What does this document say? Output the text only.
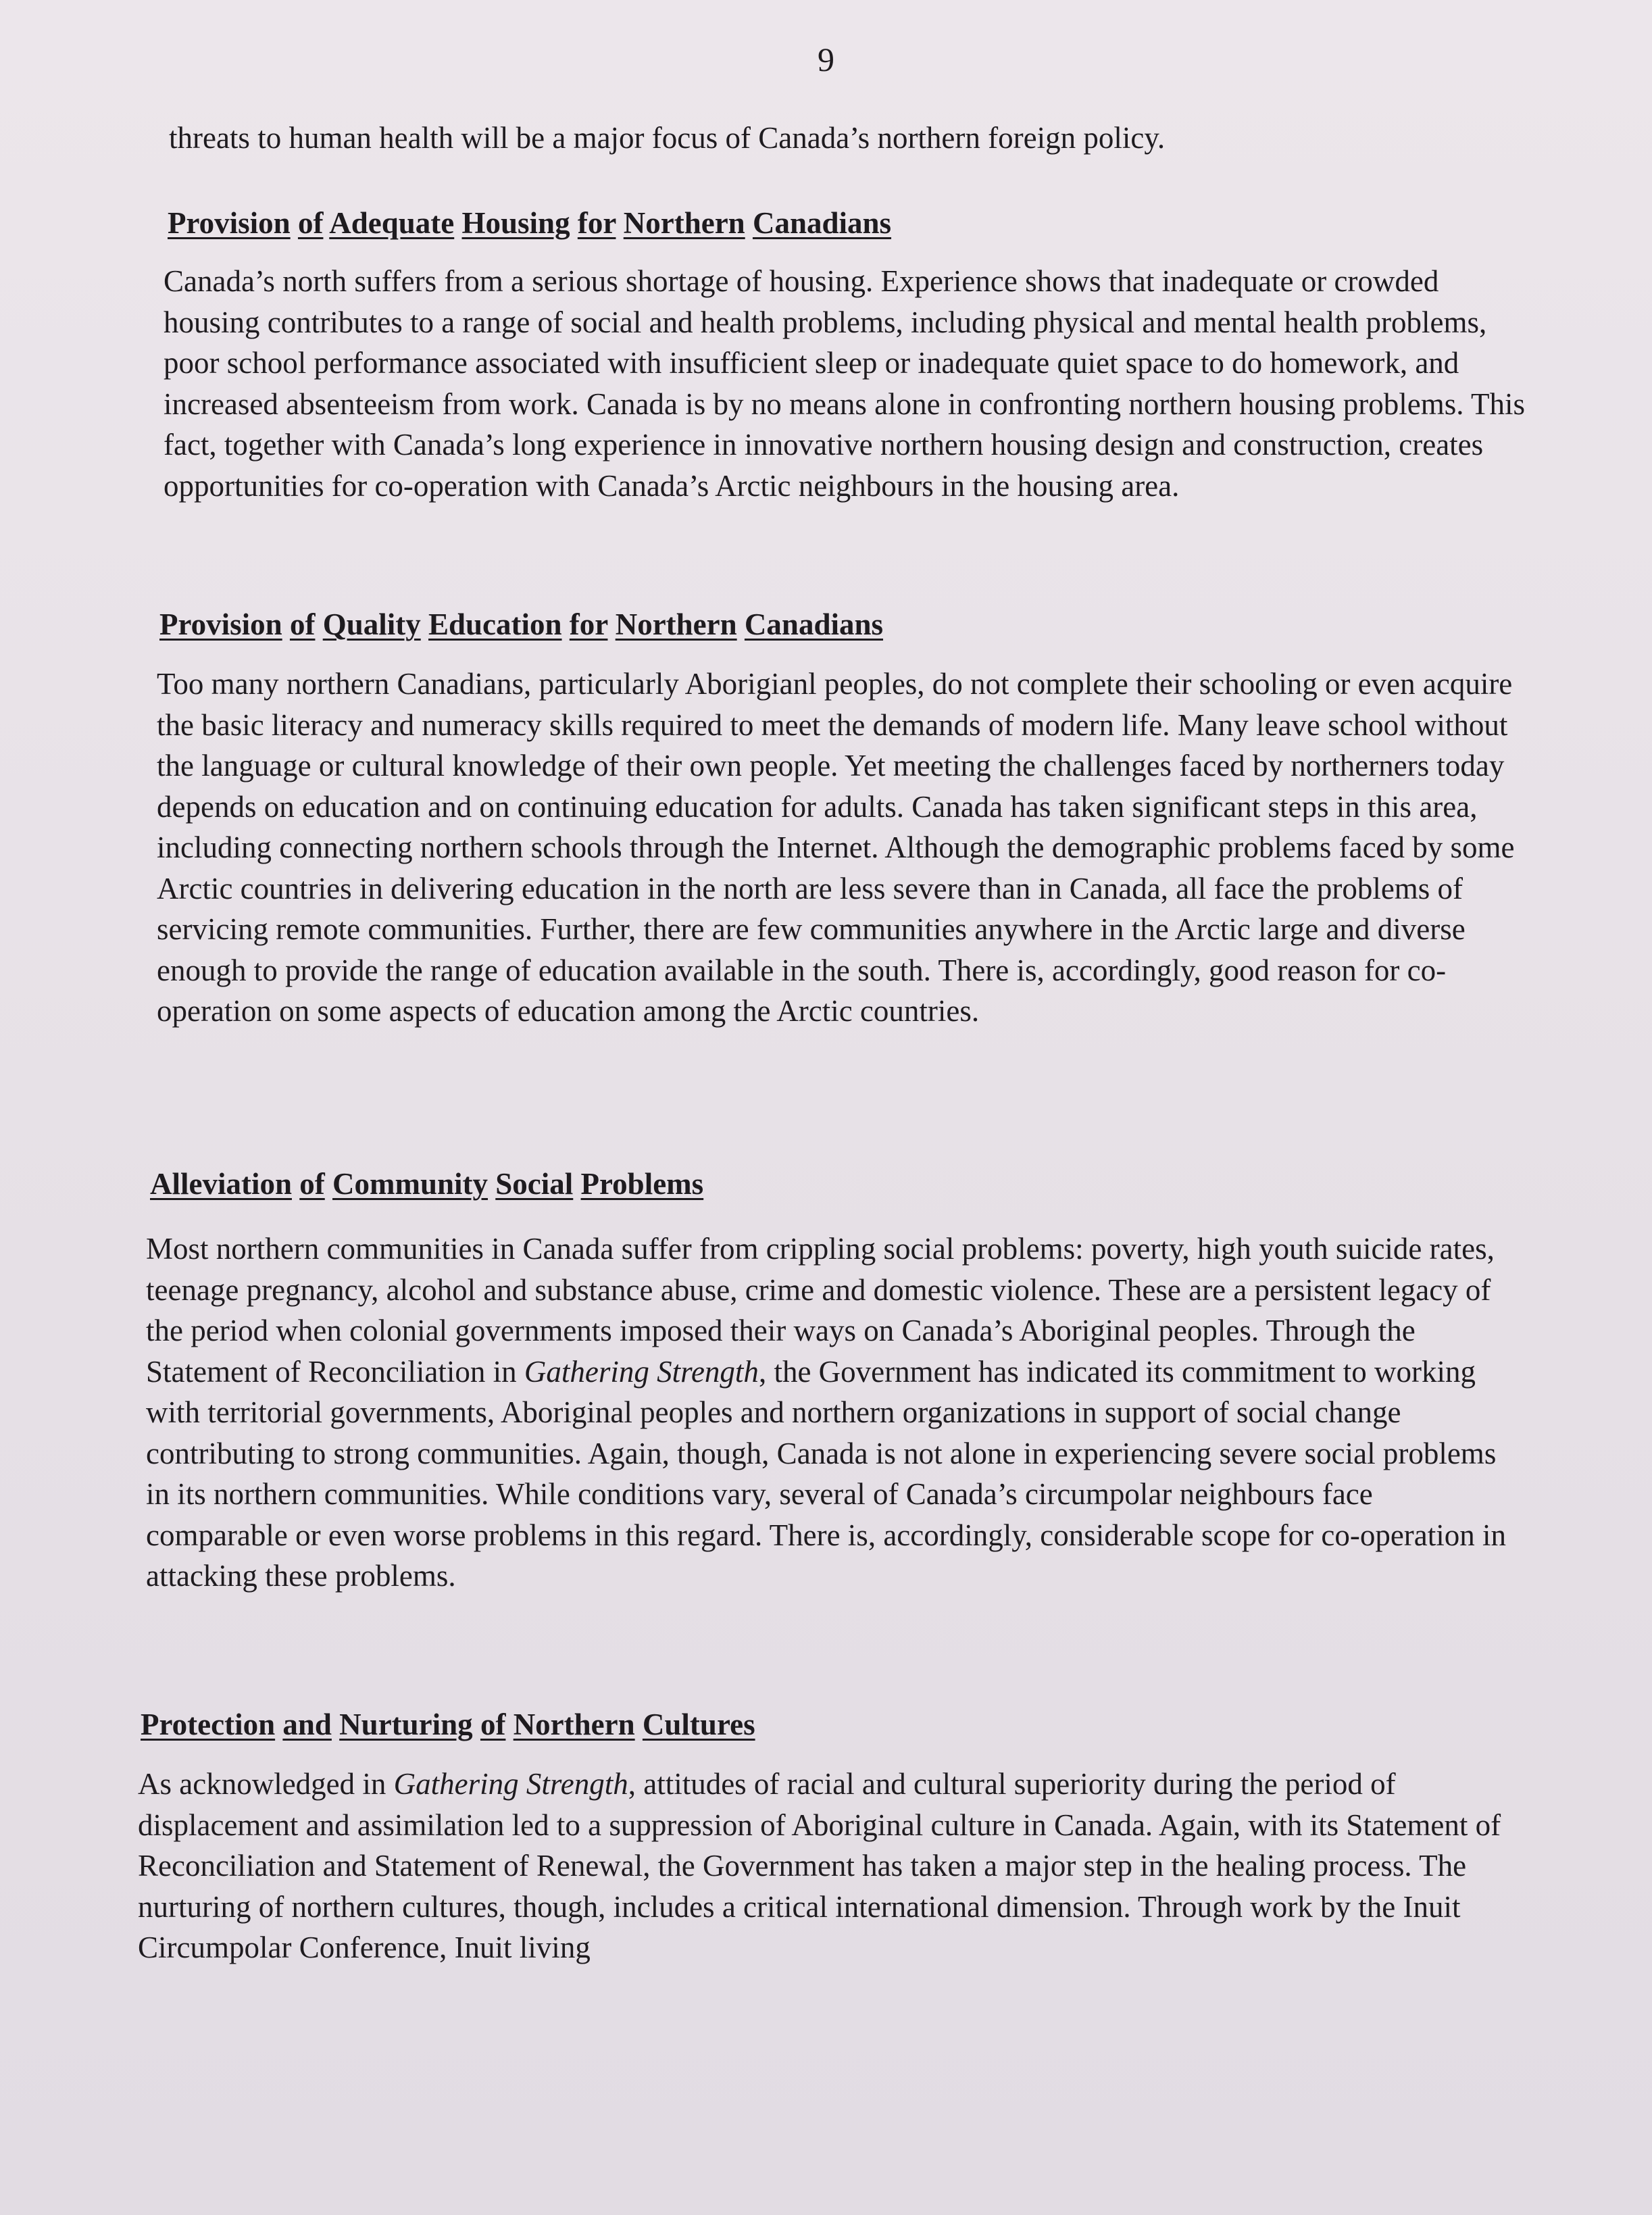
9

threats to human health will be a major focus of Canada’s northern foreign policy.

Provision of Adequate Housing for Northern Canadians

Canada’s north suffers from a serious shortage of housing. Experience shows that inadequate or crowded housing contributes to a range of social and health problems, including physical and mental health problems, poor school performance associated with insufficient sleep or inadequate quiet space to do homework, and increased absenteeism from work. Canada is by no means alone in confronting northern housing problems. This fact, together with Canada’s long experience in innovative northern housing design and construction, creates opportunities for co-operation with Canada’s Arctic neighbours in the housing area.

Provision of Quality Education for Northern Canadians

Too many northern Canadians, particularly Aborigianl peoples, do not complete their schooling or even acquire the basic literacy and numeracy skills required to meet the demands of modern life. Many leave school without the language or cultural knowledge of their own people. Yet meeting the challenges faced by northerners today depends on education and on continuing education for adults. Canada has taken significant steps in this area, including connecting northern schools through the Internet. Although the demographic problems faced by some Arctic countries in delivering education in the north are less severe than in Canada, all face the problems of servicing remote communities. Further, there are few communities anywhere in the Arctic large and diverse enough to provide the range of education available in the south. There is, accordingly, good reason for co-operation on some aspects of education among the Arctic countries.

Alleviation of Community Social Problems

Most northern communities in Canada suffer from crippling social problems: poverty, high youth suicide rates, teenage pregnancy, alcohol and substance abuse, crime and domestic violence. These are a persistent legacy of the period when colonial governments imposed their ways on Canada’s Aboriginal peoples. Through the Statement of Reconciliation in Gathering Strength, the Government has indicated its commitment to working with territorial governments, Aboriginal peoples and northern organizations in support of social change contributing to strong communities. Again, though, Canada is not alone in experiencing severe social problems in its northern communities. While conditions vary, several of Canada’s circumpolar neighbours face comparable or even worse problems in this regard. There is, accordingly, considerable scope for co-operation in attacking these problems.

Protection and Nurturing of Northern Cultures

As acknowledged in Gathering Strength, attitudes of racial and cultural superiority during the period of displacement and assimilation led to a suppression of Aboriginal culture in Canada. Again, with its Statement of Reconciliation and Statement of Renewal, the Government has taken a major step in the healing process. The nurturing of northern cultures, though, includes a critical international dimension. Through work by the Inuit Circumpolar Conference, Inuit living
